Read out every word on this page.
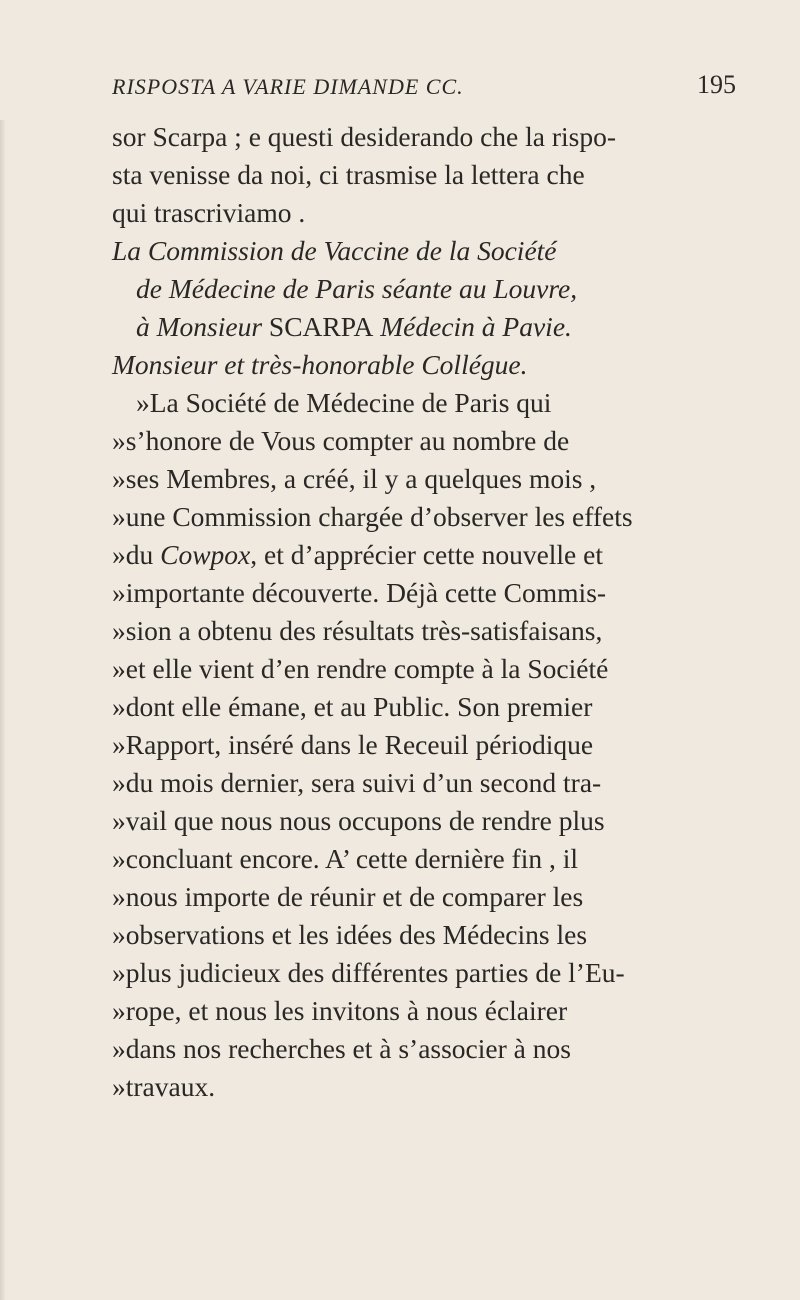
RISPOSTA A VARIE DIMANDE CC.	195
sor Scarpa ; e questi desiderando che la rispo-
sta venisse da noi, ci trasmise la lettera che
qui trascriviamo .
La Commission de Vaccine de la Société
de Médecine de Paris séante au Louvre,
à Monsieur SCARPA Médecin à Pavie.
Monsieur et très-honorable Collégue.
»La Société de Médecine de Paris qui
»s’honore de Vous compter au nombre de
»ses Membres, a créé, il y a quelques mois ,
»une Commission chargée d’observer les effets
»du Cowpox, et d’apprécier cette nouvelle et
»importante découverte. Déjà cette Commis-
»sion a obtenu des résultats très-satisfaisans,
»et elle vient d’en rendre compte à la Société
»dont elle émane, et au Public. Son premier
»Rapport, inséré dans le Receuil périodique
»du mois dernier, sera suivi d’un second tra-
»vail que nous nous occupons de rendre plus
»concluant encore. A’ cette dernière fin , il
»nous importe de réunir et de comparer les
»observations et les idées des Médecins les
»plus judicieux des différentes parties de l’Eu-
»rope, et nous les invitons à nous éclairer
»dans nos recherches et à s’associer à nos
»travaux.
